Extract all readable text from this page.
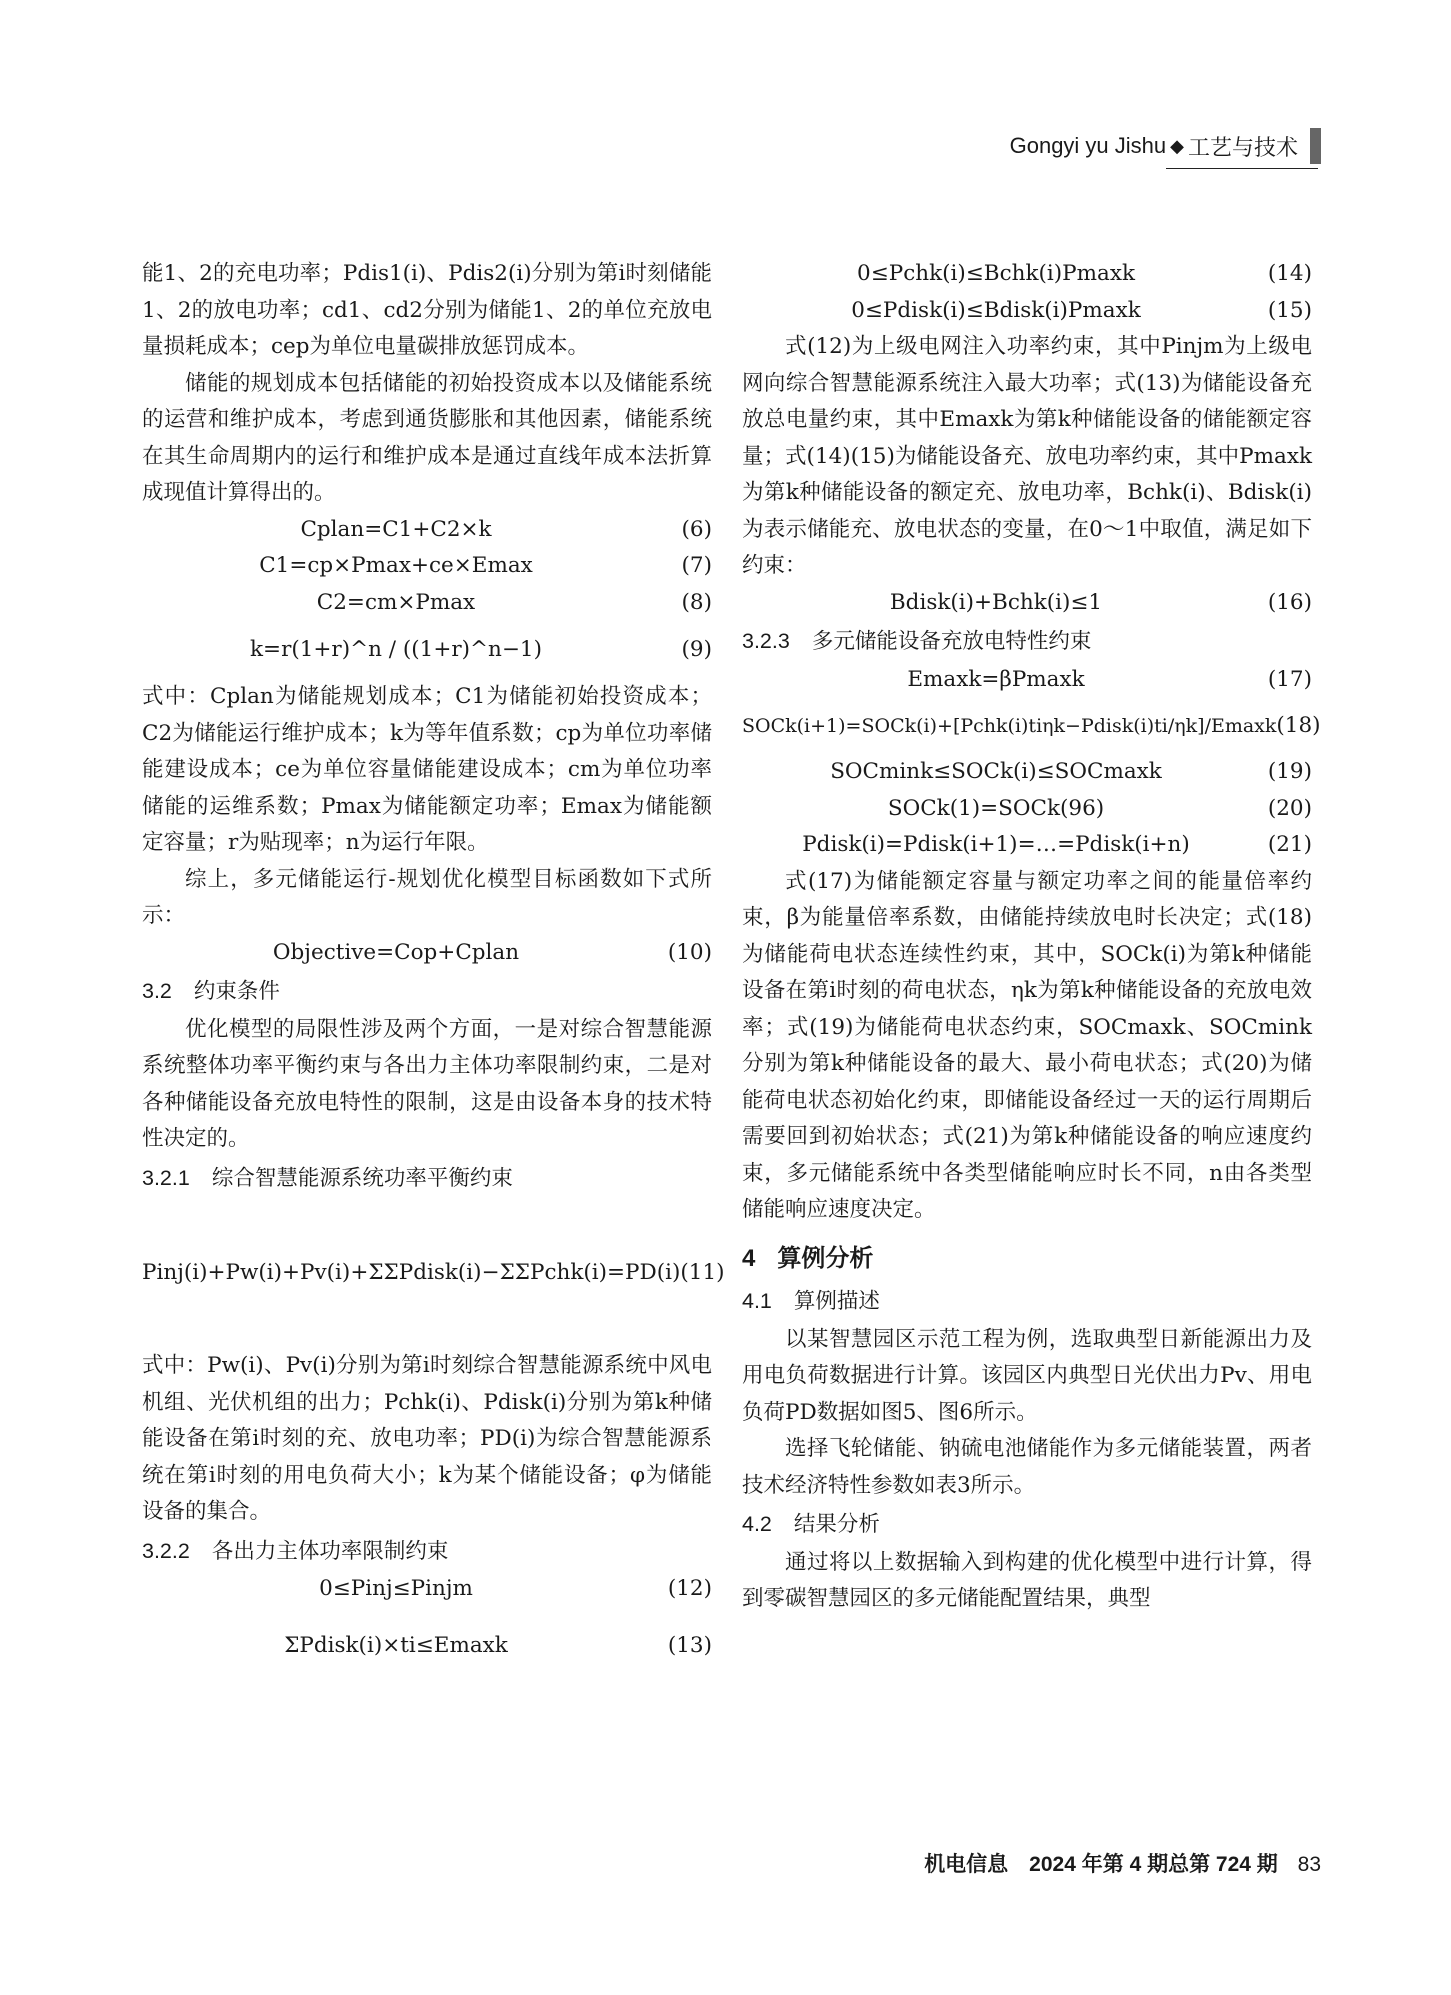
Gongyi yu Jishu ◆ 工艺与技术

能1、2的充电功率；Pdis1(i)、Pdis2(i)分别为第i时刻储能1、2的放电功率；cd1、cd2分别为储能1、2的单位充放电量损耗成本；cep为单位电量碳排放惩罚成本。

储能的规划成本包括储能的初始投资成本以及储能系统的运营和维护成本，考虑到通货膨胀和其他因素，储能系统在其生命周期内的运行和维护成本是通过直线年成本法折算成现值计算得出的。

Cplan=C1+C2×k	(6)
C1=cp×Pmax+ce×Emax	(7)
C2=cm×Pmax	(8)
k=r(1+r)^n / ((1+r)^n−1)	(9)

式中：Cplan为储能规划成本；C1为储能初始投资成本；C2为储能运行维护成本；k为等年值系数；cp为单位功率储能建设成本；ce为单位容量储能建设成本；cm为单位功率储能的运维系数；Pmax为储能额定功率；Emax为储能额定容量；r为贴现率；n为运行年限。

综上，多元储能运行-规划优化模型目标函数如下式所示：

Objective=Cop+Cplan	(10)
3.2 约束条件

优化模型的局限性涉及两个方面，一是对综合智慧能源系统整体功率平衡约束与各出力主体功率限制约束，二是对各种储能设备充放电特性的限制，这是由设备本身的技术特性决定的。

3.2.1 综合智慧能源系统功率平衡约束
Pinj(i)+Pw(i)+Pv(i)+ΣΣPdisk(i)−ΣΣPchk(i)=PD(i) (11)

式中：Pw(i)、Pv(i)分别为第i时刻综合智慧能源系统中风电机组、光伏机组的出力；Pchk(i)、Pdisk(i)分别为第k种储能设备在第i时刻的充、放电功率；PD(i)为综合智慧能源系统在第i时刻的用电负荷大小；k为某个储能设备；φ为储能设备的集合。

3.2.2 各出力主体功率限制约束
0≤Pinj≤Pinjm	(12)
ΣPdisk(i)×ti≤Emaxk	(13)
0≤Pchk(i)≤Bchk(i)Pmaxk	(14)
0≤Pdisk(i)≤Bdisk(i)Pmaxk	(15)

式(12)为上级电网注入功率约束，其中Pinjm为上级电网向综合智慧能源系统注入最大功率；式(13)为储能设备充放总电量约束，其中Emaxk为第k种储能设备的储能额定容量；式(14)(15)为储能设备充、放电功率约束，其中Pmaxk为第k种储能设备的额定充、放电功率，Bchk(i)、Bdisk(i)为表示储能充、放电状态的变量，在0～1中取值，满足如下约束：

Bdisk(i)+Bchk(i)≤1	(16)
3.2.3 多元储能设备充放电特性约束
Emaxk=βPmaxk	(17)
SOCk(i+1)=SOCk(i)+[Pchk(i)tiηk−Pdisk(i)ti/ηk]/Emaxk (18)
SOCmink≤SOCk(i)≤SOCmaxk	(19)
SOCk(1)=SOCk(96)	(20)
Pdisk(i)=Pdisk(i+1)=…=Pdisk(i+n)	(21)

式(17)为储能额定容量与额定功率之间的能量倍率约束，β为能量倍率系数，由储能持续放电时长决定；式(18)为储能荷电状态连续性约束，其中，SOCk(i)为第k种储能设备在第i时刻的荷电状态，ηk为第k种储能设备的充放电效率；式(19)为储能荷电状态约束，SOCmaxk、SOCmink分别为第k种储能设备的最大、最小荷电状态；式(20)为储能荷电状态初始化约束，即储能设备经过一天的运行周期后需要回到初始状态；式(21)为第k种储能设备的响应速度约束，多元储能系统中各类型储能响应时长不同，n由各类型储能响应速度决定。

4 算例分析
4.1 算例描述

以某智慧园区示范工程为例，选取典型日新能源出力及用电负荷数据进行计算。该园区内典型日光伏出力Pv、用电负荷PD数据如图5、图6所示。

选择飞轮储能、钠硫电池储能作为多元储能装置，两者技术经济特性参数如表3所示。

4.2 结果分析

通过将以上数据输入到构建的优化模型中进行计算，得到零碳智慧园区的多元储能配置结果，典型

机电信息　2024 年第 4 期总第 724 期 83
